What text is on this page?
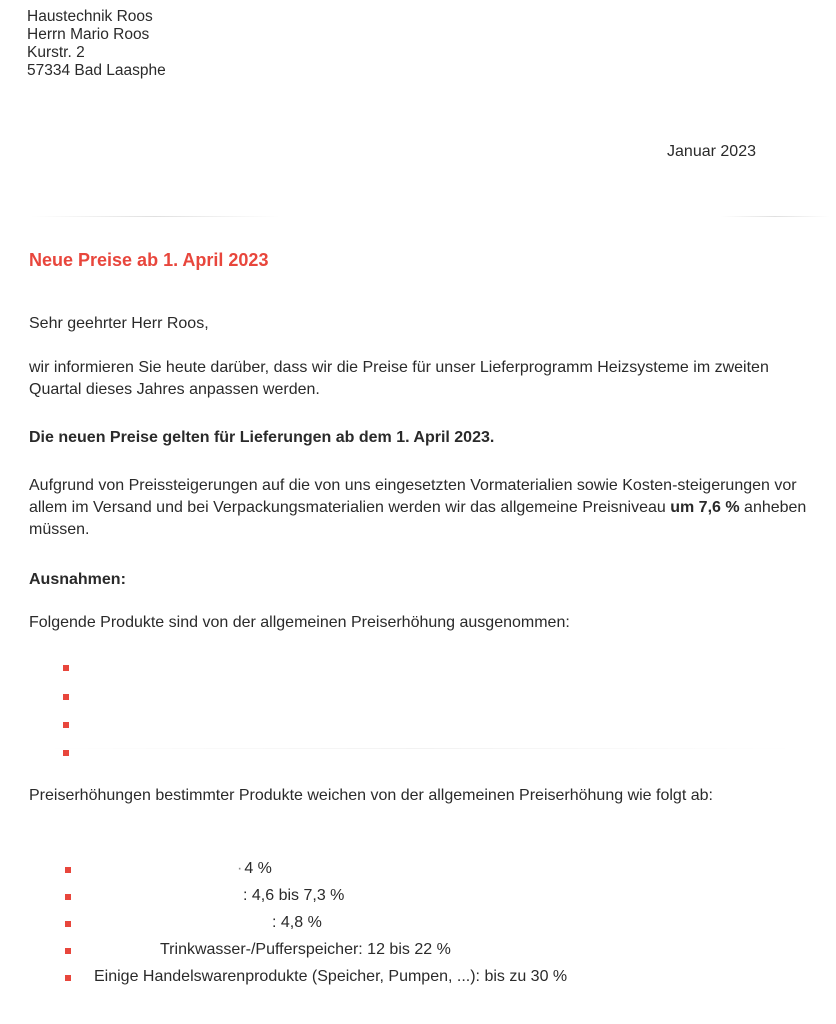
Haustechnik Roos
Herrn Mario Roos
Kurstr. 2
57334 Bad Laasphe
Januar 2023
Neue Preise ab 1. April 2023
Sehr geehrter Herr Roos,
wir informieren Sie heute darüber, dass wir die Preise für unser Lieferprogramm Heizsysteme im zweiten Quartal dieses Jahres anpassen werden.
Die neuen Preise gelten für Lieferungen ab dem 1. April 2023.
Aufgrund von Preissteigerungen auf die von uns eingesetzten Vormaterialien sowie Kosten-steigerungen vor allem im Versand und bei Verpackungsmaterialien werden wir das allgemeine Preisniveau um 7,6 % anheben müssen.
Ausnahmen:
Folgende Produkte sind von der allgemeinen Preiserhöhung ausgenommen:
Preiserhöhungen bestimmter Produkte weichen von der allgemeinen Preiserhöhung wie folgt ab:
· 4 %
: 4,6 bis 7,3 %
: 4,8 %
Trinkwasser-/Pufferspeicher: 12 bis 22 %
Einige Handelswarenprodukte (Speicher, Pumpen, ...): bis zu 30 %
